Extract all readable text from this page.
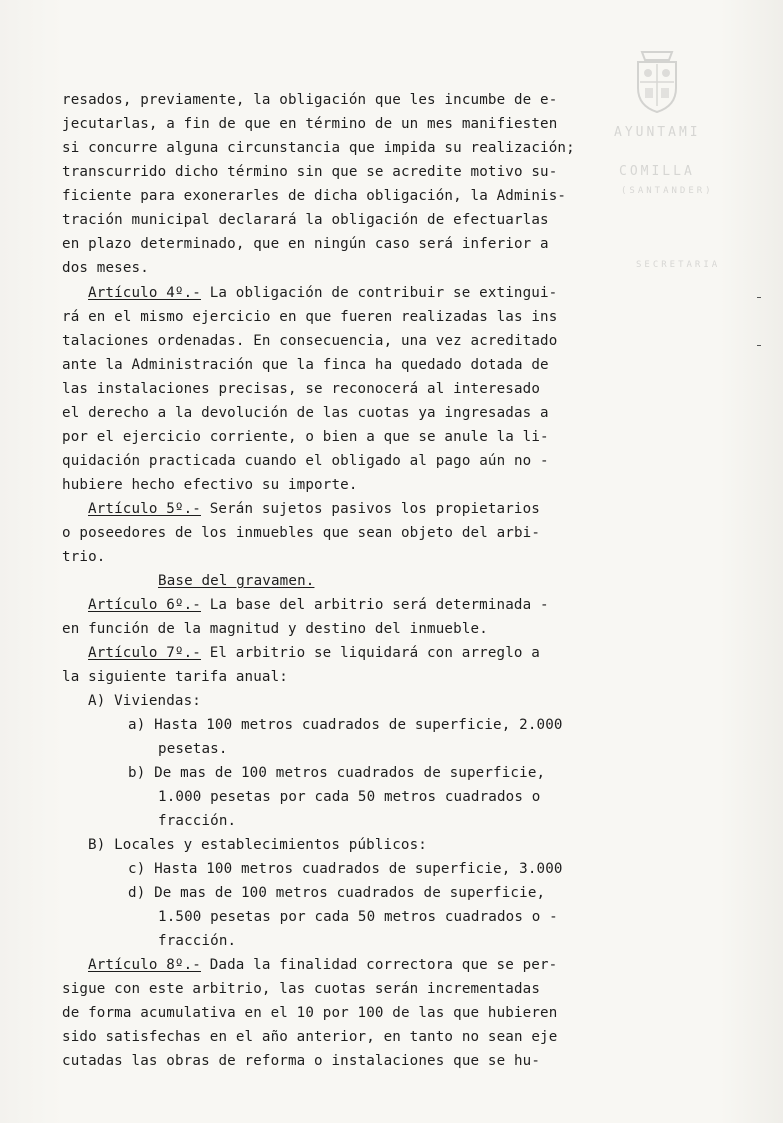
AYUNTAMI
COMILLA
(SANTANDER)
SECRETARIA

resados, previamente, la obligación que les incumbe de e-

jecutarlas, a fin de que en término de un mes manifiesten

si concurre alguna circunstancia que impida su realización;

transcurrido dicho término sin que se acredite motivo su-

ficiente para exonerarles de dicha obligación, la Adminis-

tración municipal declarará la obligación de efectuarlas

en plazo determinado, que en ningún caso será inferior a

dos meses.

Artículo 4º.- La obligación de contribuir se extingui-

rá en el mismo ejercicio en que fueren realizadas las ins

talaciones ordenadas. En consecuencia, una vez acreditado

ante la Administración que la finca ha quedado dotada de

las instalaciones precisas, se reconocerá al interesado

el derecho a la devolución de las cuotas ya ingresadas a

por el ejercicio corriente, o bien a que se anule la li-

quidación practicada cuando el obligado al pago aún no -

hubiere hecho efectivo su importe.

Artículo 5º.- Serán sujetos pasivos los propietarios

o poseedores de los inmuebles que sean objeto del arbi-

trio.

Base del gravamen.

Artículo 6º.- La base del arbitrio será determinada -

en función de la magnitud y destino del inmueble.

Artículo 7º.- El arbitrio se liquidará con arreglo a

la siguiente tarifa anual:

A) Viviendas:

a) Hasta 100 metros cuadrados de superficie, 2.000

pesetas.

b) De mas de 100 metros cuadrados de superficie,

1.000 pesetas por cada 50 metros cuadrados o

fracción.

B) Locales y establecimientos públicos:

c) Hasta 100 metros cuadrados de superficie, 3.000

d) De mas de 100 metros cuadrados de superficie,

1.500 pesetas por cada 50 metros cuadrados o -

fracción.

Artículo 8º.- Dada la finalidad correctora que se per-

sigue con este arbitrio, las cuotas serán incrementadas

de forma acumulativa en el 10 por 100 de las que hubieren

sido satisfechas en el año anterior, en tanto no sean eje

cutadas las obras de reforma o instalaciones que se hu-
